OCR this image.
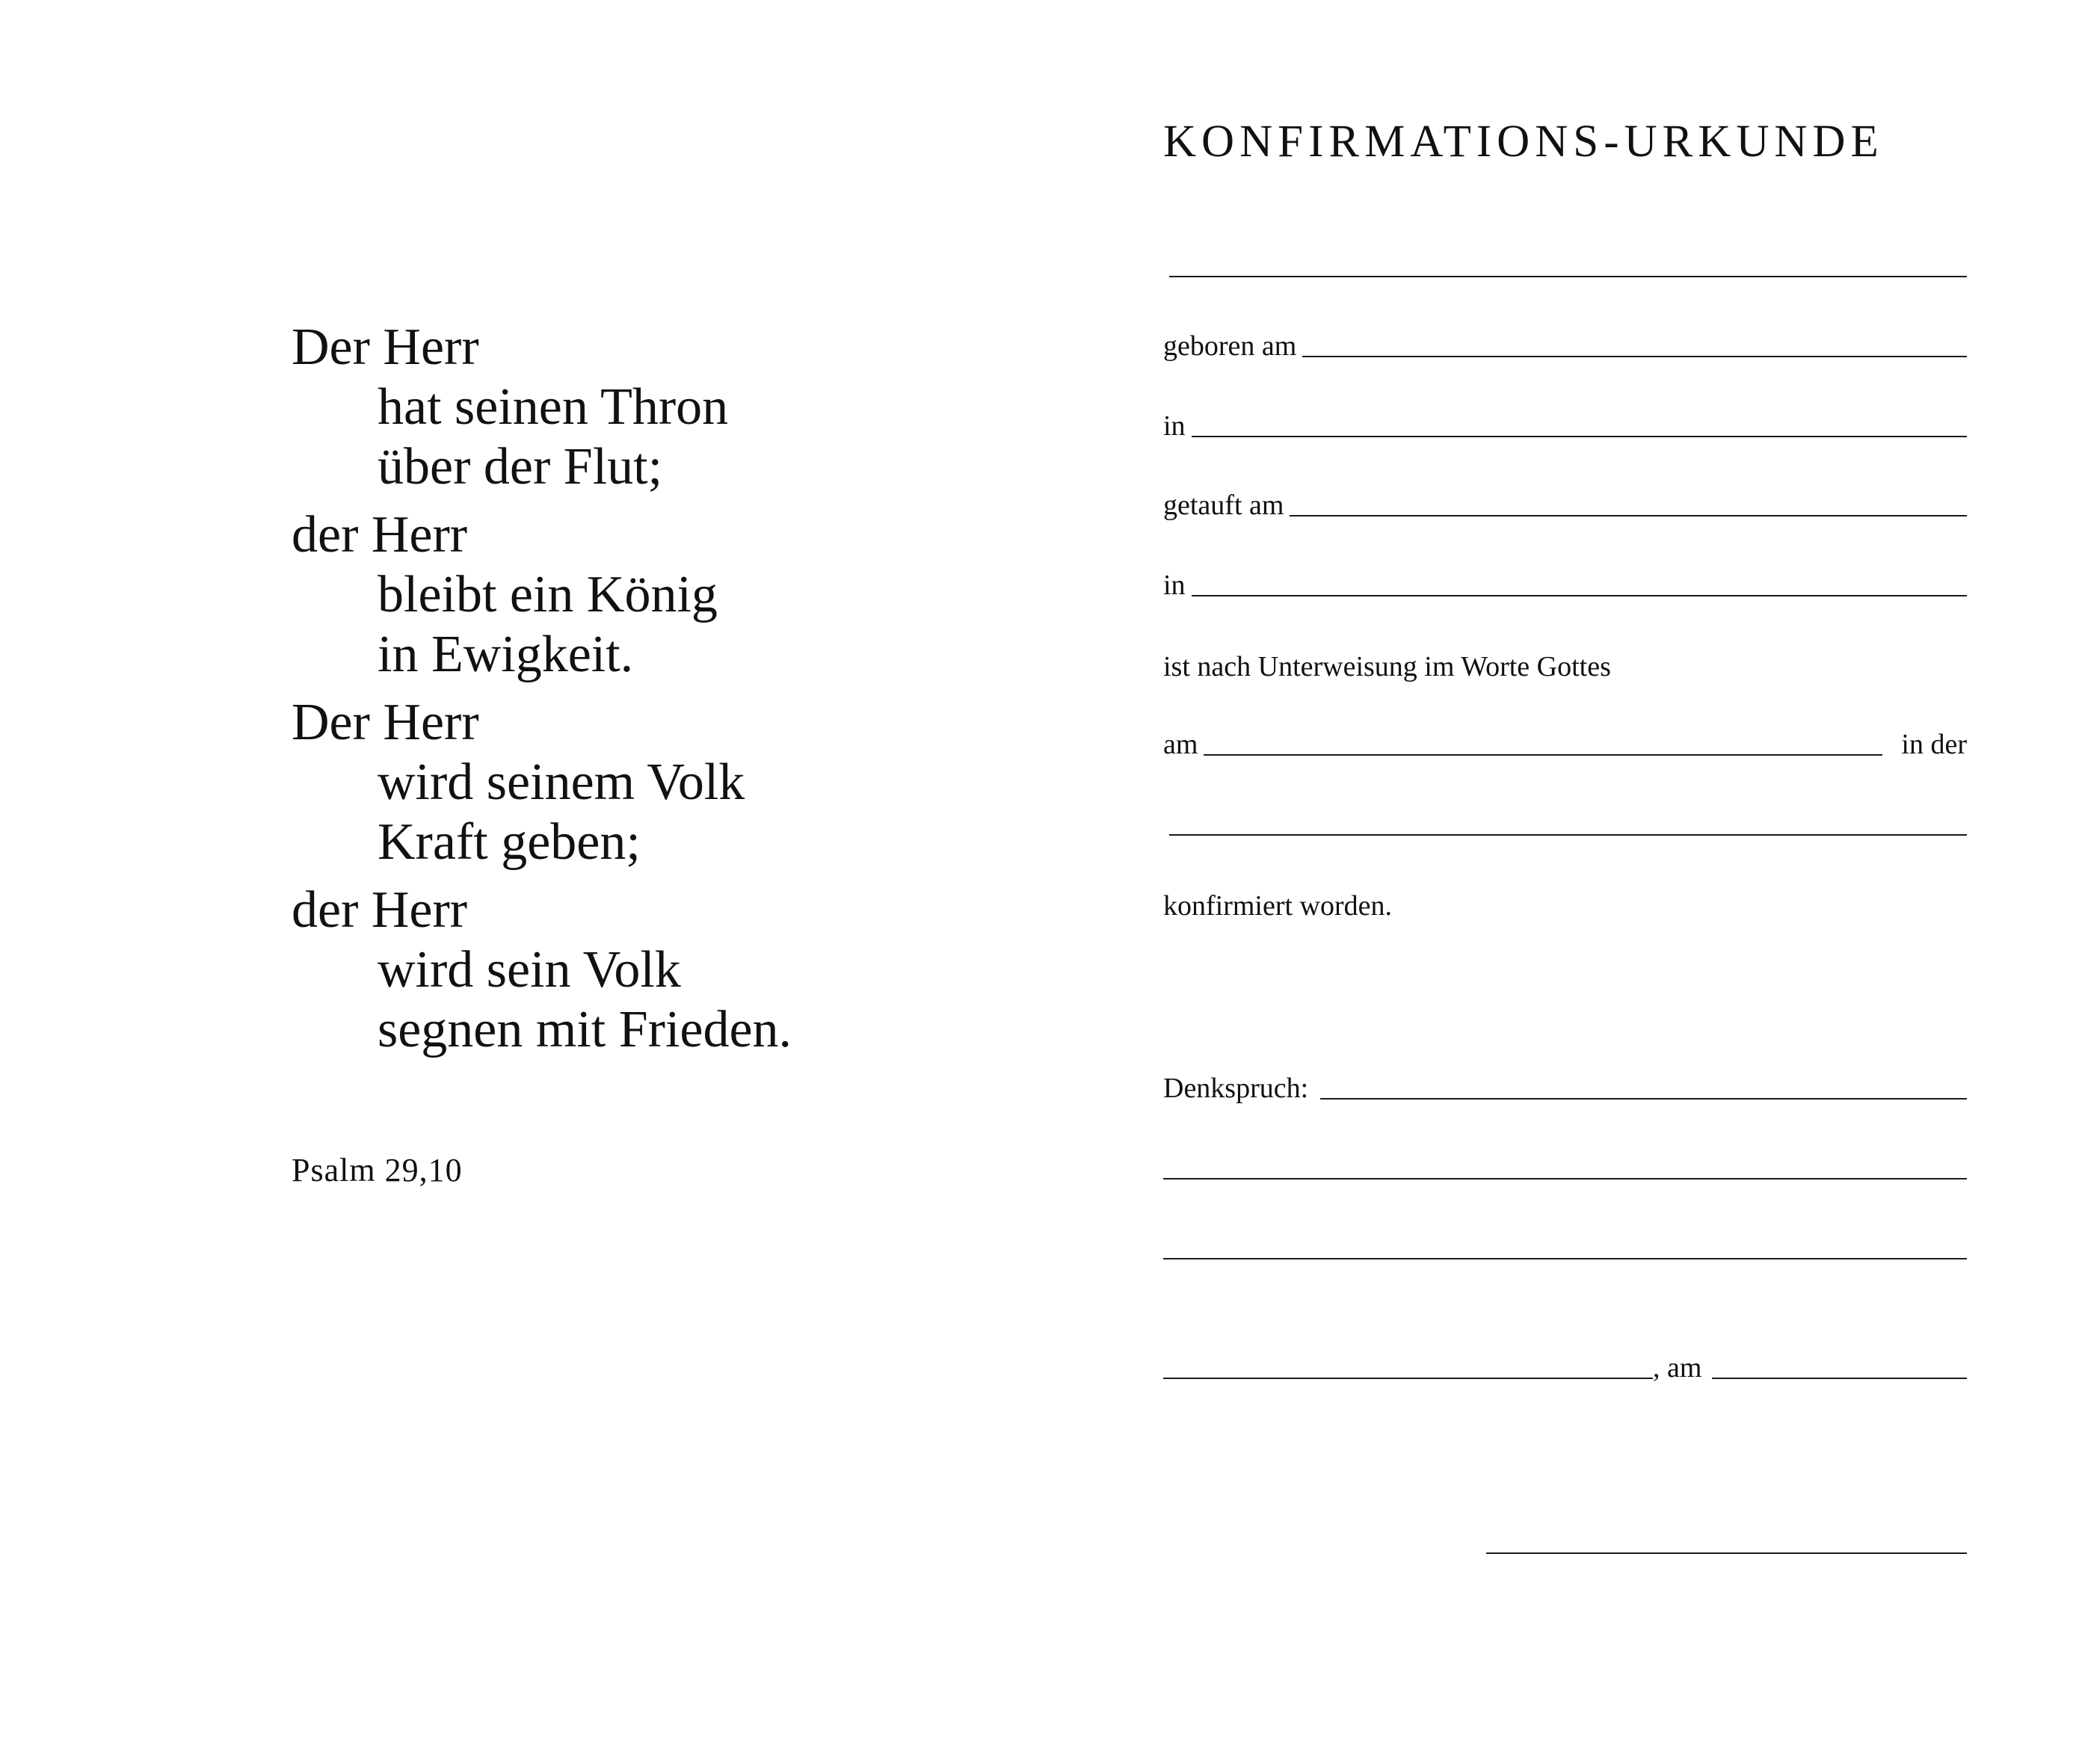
Der Herr
hat seinen Thron
über der Flut;
der Herr
bleibt ein König
in Ewigkeit.
Der Herr
wird seinem Volk
Kraft geben;
der Herr
wird sein Volk
segnen mit Frieden.
Psalm 29,10
KONFIRMATIONS-URKUNDE
geboren am
in
getauft am
in
ist nach Unterweisung im Worte Gottes
am	in der
konfirmiert worden.
Denkspruch:
, am
